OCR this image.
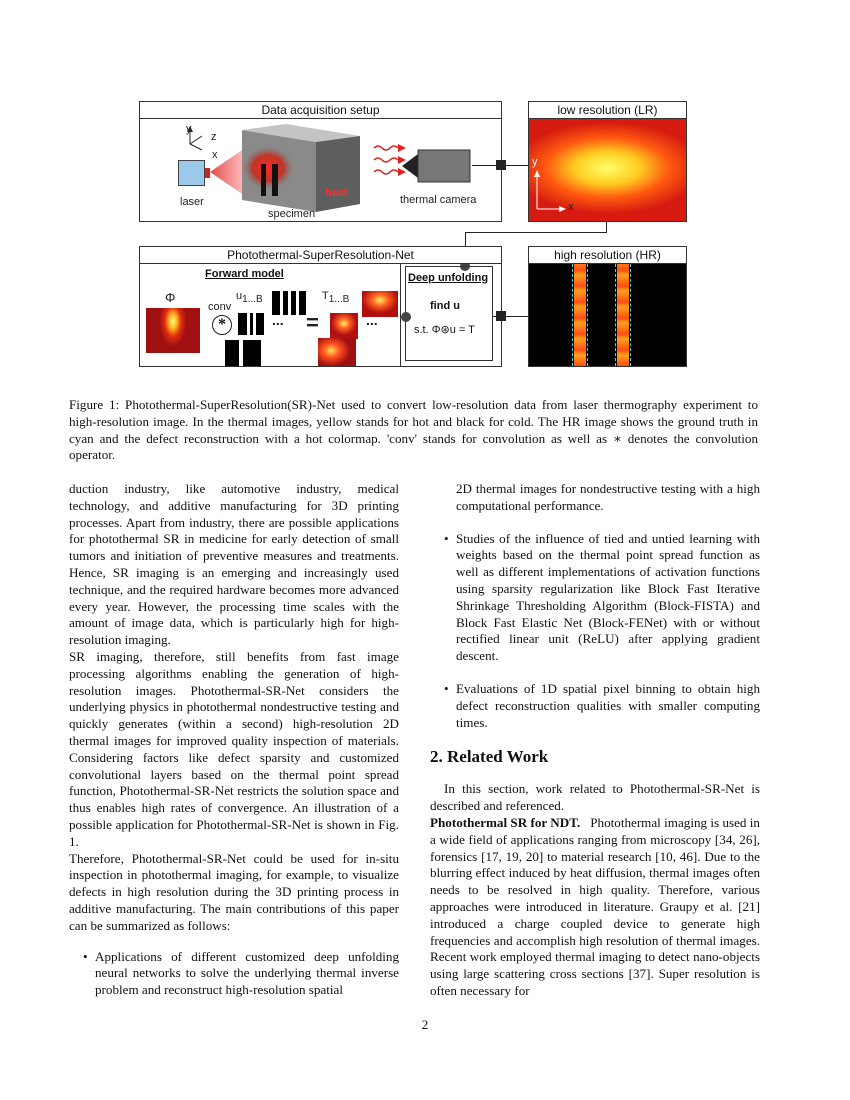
Data acquisition setup
y
z
x
laser
heat
specimen
thermal camera
low resolution (LR)
y
x
Photothermal-SuperResolution-Net
Forward model
Φ
conv
*
$u_{1...B}$
... =
$T_{1...B}$
...
Deep unfolding
find u
s.t. Φ⊛u = T
high resolution (HR)

Figure 1: Photothermal-SuperResolution(SR)-Net used to convert low-resolution data from laser thermography experiment to high-resolution image. In the thermal images, yellow stands for hot and black for cold. The HR image shows the ground truth in cyan and the defect reconstruction with a hot colormap. 'conv' stands for convolution as well as ∗ denotes the convolution operator.

duction industry, like automotive industry, medical technology, and additive manufacturing for 3D printing processes. Apart from industry, there are possible applications for photothermal SR in medicine for early detection of small tumors and initiation of preventive measures and treatments. Hence, SR imaging is an emerging and increasingly used technique, and the required hardware becomes more advanced every year. However, the processing time scales with the amount of image data, which is particularly high for high-resolution imaging.

SR imaging, therefore, still benefits from fast image processing algorithms enabling the generation of high-resolution images. Photothermal-SR-Net considers the underlying physics in photothermal nondestructive testing and quickly generates (within a second) high-resolution 2D thermal images for improved quality inspection of materials. Considering factors like defect sparsity and customized convolutional layers based on the thermal point spread function, Photothermal-SR-Net restricts the solution space and thus enables high rates of convergence. An illustration of a possible application for Photothermal-SR-Net is shown in Fig. 1.

Therefore, Photothermal-SR-Net could be used for in-situ inspection in photothermal imaging, for example, to visualize defects in high resolution during the 3D printing process in additive manufacturing. The main contributions of this paper can be summarized as follows:

• Applications of different customized deep unfolding neural networks to solve the underlying thermal inverse problem and reconstruct high-resolution spatial

2D thermal images for nondestructive testing with a high computational performance.

• Studies of the influence of tied and untied learning with weights based on the thermal point spread function as well as different implementations of activation functions using sparsity regularization like Block Fast Iterative Shrinkage Thresholding Algorithm (Block-FISTA) and Block Fast Elastic Net (Block-FENet) with or without rectified linear unit (ReLU) after applying gradient descent.
• Evaluations of 1D spatial pixel binning to obtain high defect reconstruction qualities with smaller computing times.
2. Related Work

In this section, work related to Photothermal-SR-Net is described and referenced.

Photothermal SR for NDT. Photothermal imaging is used in a wide field of applications ranging from microscopy [34, 26], forensics [17, 19, 20] to material research [10, 46]. Due to the blurring effect induced by heat diffusion, thermal images often needs to be resolved in high quality. Therefore, various approaches were introduced in literature. Graupy et al. [21] introduced a charge coupled device to generate high frequencies and accomplish high resolution of thermal images. Recent work employed thermal imaging to detect nano-objects using large scattering cross sections [37]. Super resolution is often necessary for

2
